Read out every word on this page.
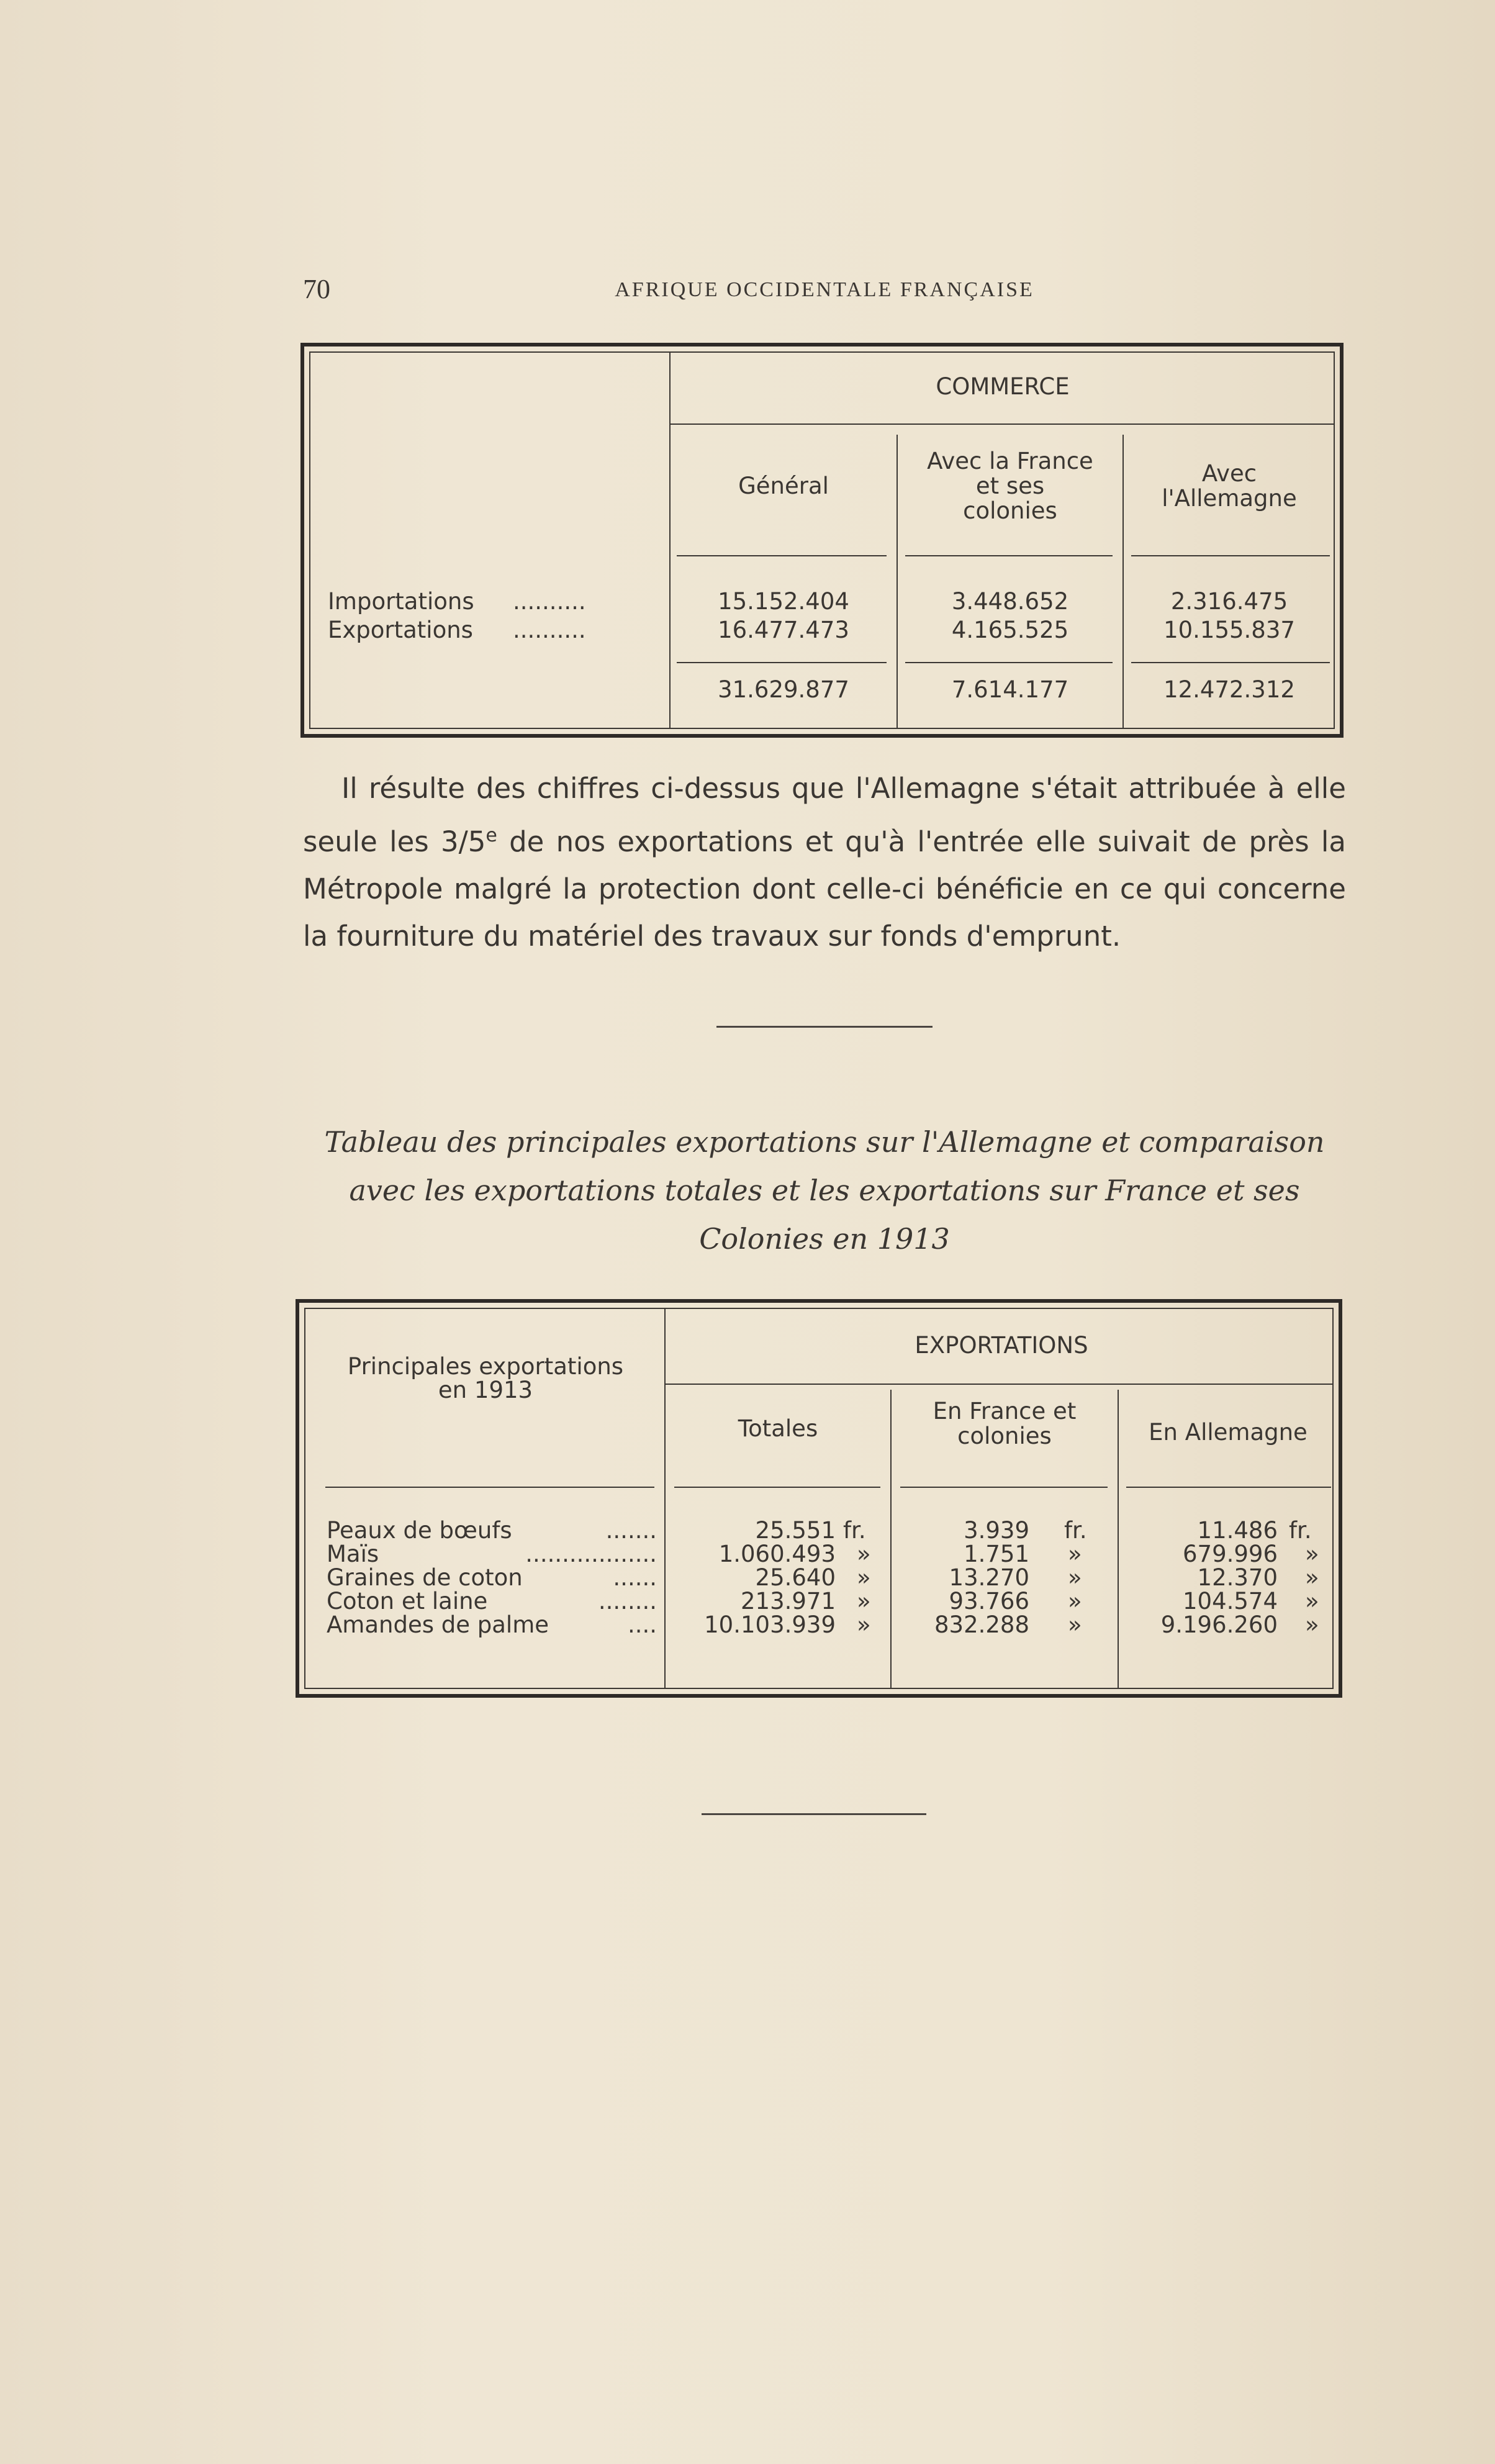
70	AFRIQUE OCCIDENTALE FRANÇAISE
COMMERCE
Général
Avec la France
et ses
colonies
Avec
l'Allemagne
Importations ..........	15.152.404	3.448.652	2.316.475
Exportations ..........	16.477.473	4.165.525	10.155.837
31.629.877	7.614.177	12.472.312

Il résulte des chiffres ci-dessus que l'Allemagne s'était attribuée à elle seule les 3/5e de nos exportations et qu'à l'entrée elle suivait de près la Métropole malgré la protection dont celle-ci bénéficie en ce qui concerne la fourniture du matériel des travaux sur fonds d'emprunt.

Tableau des principales exportations sur l'Allemagne et comparaison
avec les exportations totales et les exportations sur France et ses
Colonies en 1913

Principales exportations
en 1913
EXPORTATIONS
Totales
En France et
colonies	En Allemagne
Peaux de bœufs	.......	25.551 fr.	3.939 fr.	11.486 fr.
Maïs	..................	1.060.493 »	1.751 »	679.996 »
Graines de coton	......	25.640 »	13.270 »	12.370 »
Coton et laine	........	213.971 »	93.766 »	104.574 »
Amandes de palme	....	10.103.939 »	832.288 »	9.196.260 »
